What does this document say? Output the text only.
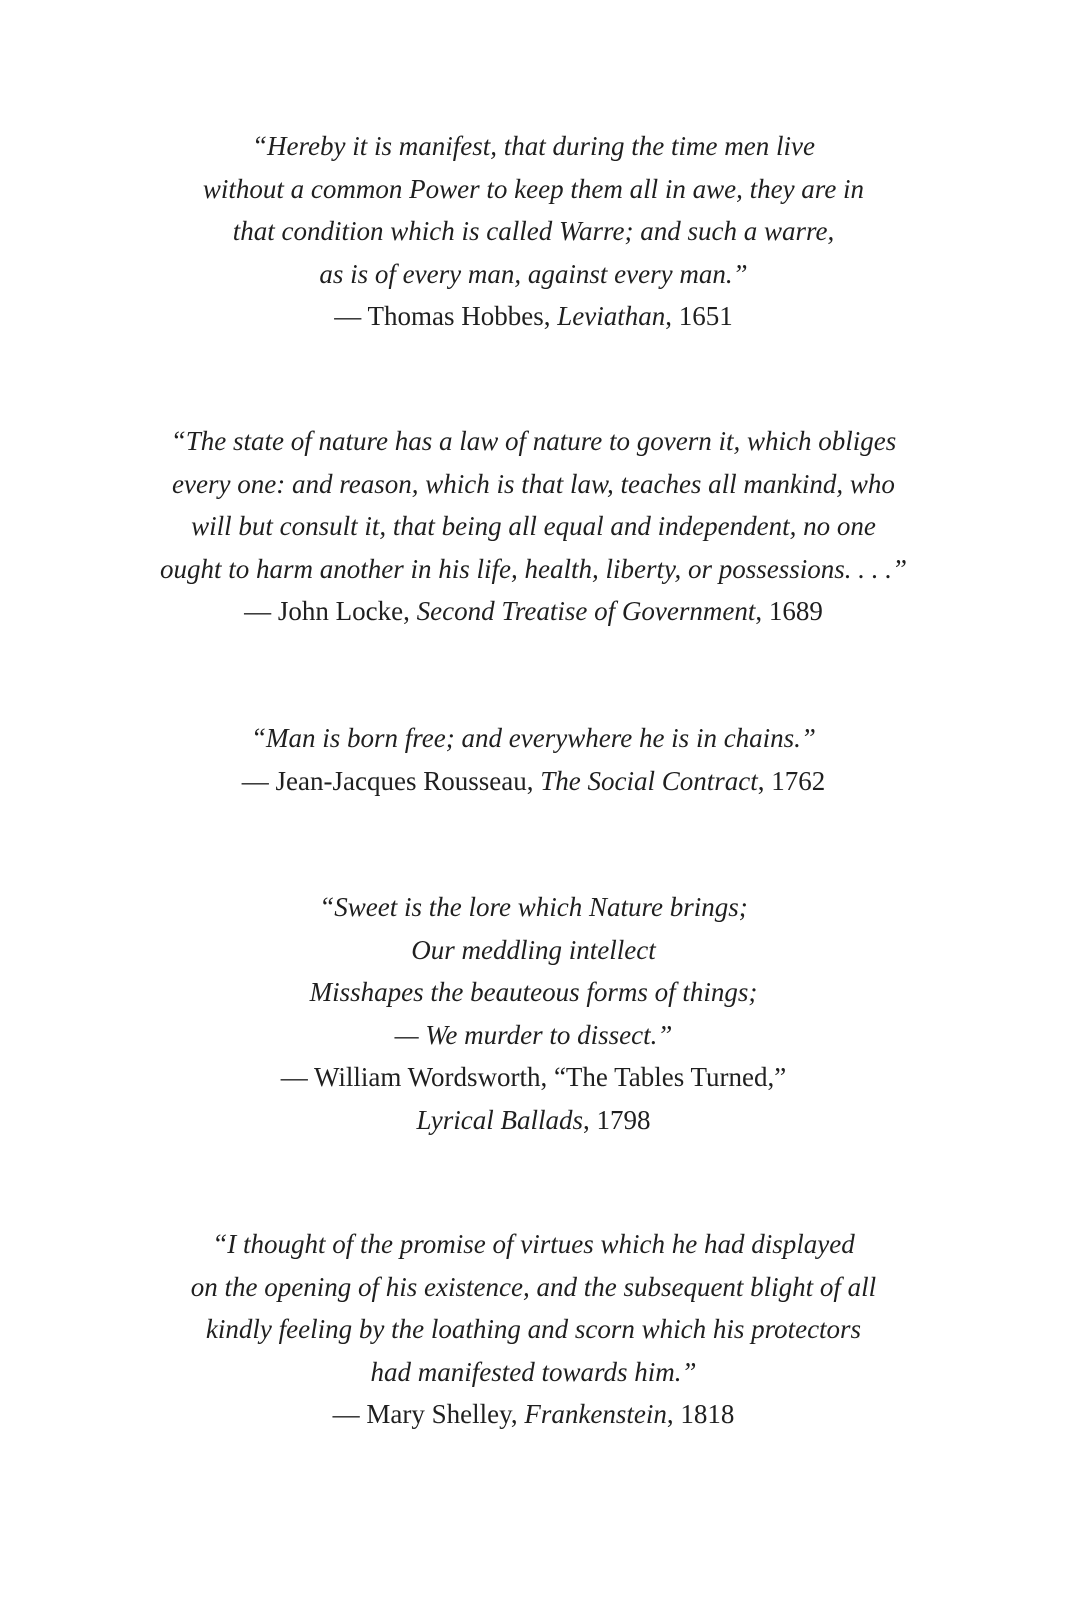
“Hereby it is manifest, that during the time men live
without a common Power to keep them all in awe, they are in
that condition which is called Warre; and such a warre,
as is of every man, against every man.”
— Thomas Hobbes, Leviathan, 1651
“The state of nature has a law of nature to govern it, which obliges
every one: and reason, which is that law, teaches all mankind, who
will but consult it, that being all equal and independent, no one
ought to harm another in his life, health, liberty, or possessions. . . .”
— John Locke, Second Treatise of Government, 1689
“Man is born free; and everywhere he is in chains.”
— Jean-Jacques Rousseau, The Social Contract, 1762
“Sweet is the lore which Nature brings;
Our meddling intellect
Misshapes the beauteous forms of things;
— We murder to dissect.”
— William Wordsworth, “The Tables Turned,”
Lyrical Ballads, 1798
“I thought of the promise of virtues which he had displayed
on the opening of his existence, and the subsequent blight of all
kindly feeling by the loathing and scorn which his protectors
had manifested towards him.”
— Mary Shelley, Frankenstein, 1818
